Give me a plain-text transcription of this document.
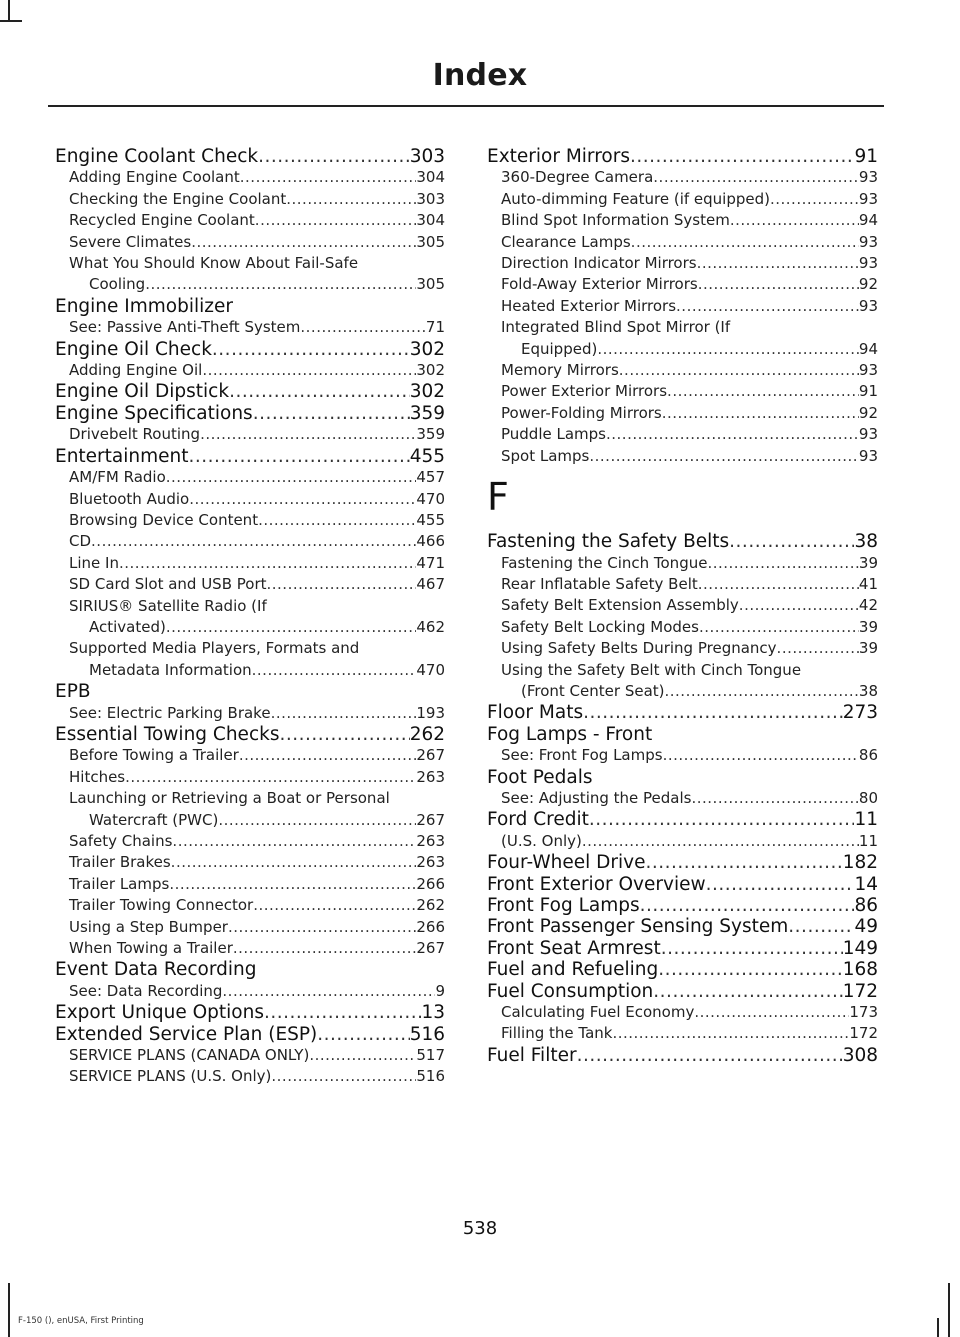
Index
Engine Coolant Check .....	303
Adding Engine Coolant .....	304
Checking the Engine Coolant .....	303
Recycled Engine Coolant .....	304
Severe Climates .....	305
What You Should Know About Fail-Safe
Cooling .....	305
Engine Immobilizer
See: Passive Anti-Theft System .....	71
Engine Oil Check .....	302
Adding Engine Oil .....	302
Engine Oil Dipstick .....	302
Engine Specifications .....	359
Drivebelt Routing .....	359
Entertainment .....	455
AM/FM Radio .....	457
Bluetooth Audio .....	470
Browsing Device Content .....	455
CD .....	466
Line In .....	471
SD Card Slot and USB Port .....	467
SIRIUS® Satellite Radio (If
Activated) .....	462
Supported Media Players, Formats and
Metadata Information .....	470
EPB
See: Electric Parking Brake .....	193
Essential Towing Checks .....	262
Before Towing a Trailer .....	267
Hitches .....	263
Launching or Retrieving a Boat or Personal
Watercraft (PWC) .....	267
Safety Chains .....	263
Trailer Brakes .....	263
Trailer Lamps .....	266
Trailer Towing Connector .....	262
Using a Step Bumper .....	266
When Towing a Trailer .....	267
Event Data Recording
See: Data Recording .....	9
Export Unique Options .....	13
Extended Service Plan (ESP) .....	516
SERVICE PLANS (CANADA ONLY) .....	517
SERVICE PLANS (U.S. Only) .....	516
Exterior Mirrors .....	91
360-Degree Camera .....	93
Auto-dimming Feature (if equipped) .....	93
Blind Spot Information System .....	94
Clearance Lamps .....	93
Direction Indicator Mirrors .....	93
Fold-Away Exterior Mirrors .....	92
Heated Exterior Mirrors .....	93
Integrated Blind Spot Mirror (If
Equipped) .....	94
Memory Mirrors .....	93
Power Exterior Mirrors .....	91
Power-Folding Mirrors .....	92
Puddle Lamps .....	93
Spot Lamps .....	93
F
Fastening the Safety Belts .....	38
Fastening the Cinch Tongue .....	39
Rear Inflatable Safety Belt .....	41
Safety Belt Extension Assembly .....	42
Safety Belt Locking Modes .....	39
Using Safety Belts During Pregnancy .....	39
Using the Safety Belt with Cinch Tongue
(Front Center Seat) .....	38
Floor Mats .....	273
Fog Lamps - Front
See: Front Fog Lamps .....	86
Foot Pedals
See: Adjusting the Pedals .....	80
Ford Credit .....	11
(U.S. Only) .....	11
Four-Wheel Drive .....	182
Front Exterior Overview .....	14
Front Fog Lamps .....	86
Front Passenger Sensing System .....	49
Front Seat Armrest .....	149
Fuel and Refueling .....	168
Fuel Consumption .....	172
Calculating Fuel Economy .....	173
Filling the Tank .....	172
Fuel Filter .....	308
538
F-150 (), enUSA, First Printing
